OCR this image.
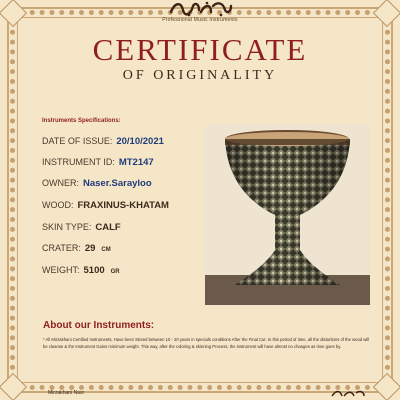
Professional Music Instruments
CERTIFICATE
OF ORIGINALITY
Instruments Specifications:
DATE OF ISSUE: 20/10/2021
INSTRUMENT ID: MT2147
OWNER: Naser.Sarayloo
WOOD: FRAXINUS-KHATAM
SKIN TYPE: CALF
CRATER: 29 CM
WEIGHT: 5100 GR
About our Instruments:
* All Mirzakhani Certified Instruments, Have been Stored between 10 - 20 years in specials conditions After the Final Cut. In this period of time, all the distortions of the wood will be cleanse & the Instrument Gains minimum weight. This way, after the coloring & skinning Process, the instrument will have almost no changes as time goes by.
Mirzakhani Nasr
